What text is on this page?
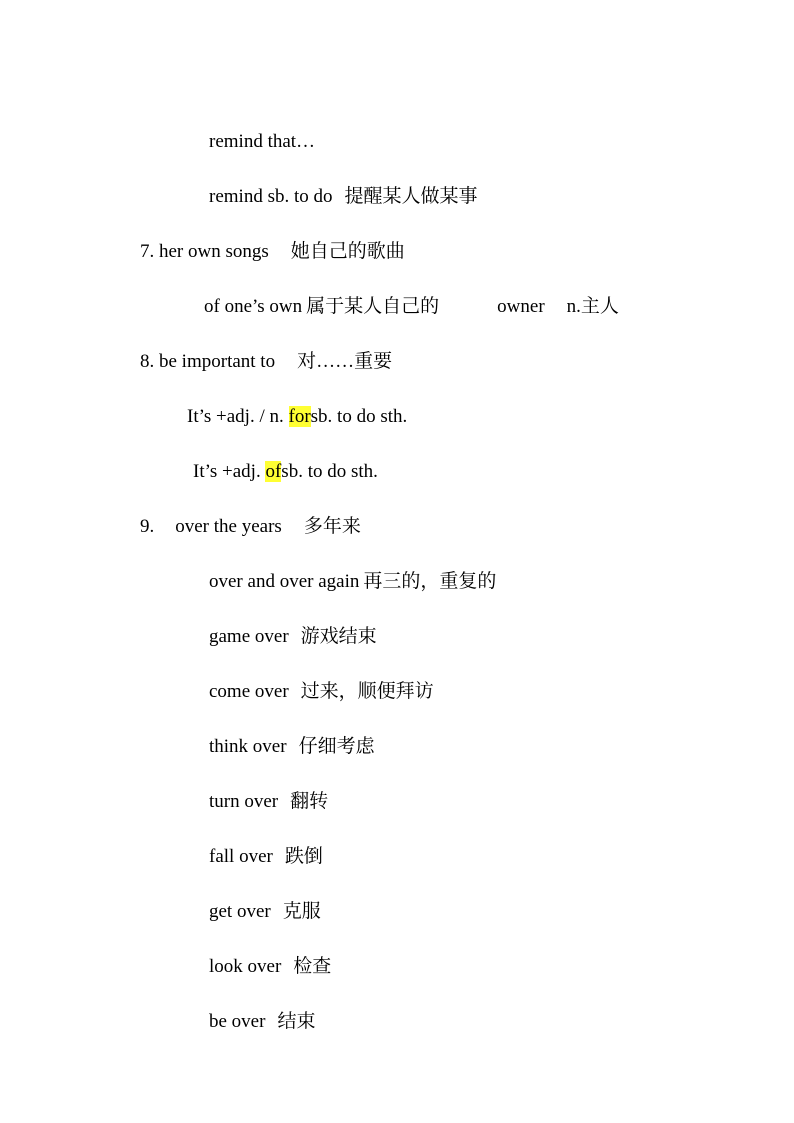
remind that…

remind sb. to do 提醒某人做某事

7. her own songs 她自己的歌曲

of one’s own 属于某人自己的	owner n.主人

8. be important to 对……重要

It’s +adj. / n. forsb. to do sth.

It’s +adj. ofsb. to do sth.

9. over the years 多年来

over and over again 再三的，重复的

game over 游戏结束

come over 过来，顺便拜访

think over 仔细考虑

turn over 翻转

fall over 跌倒

get over 克服

look over 检查

be over 结束
